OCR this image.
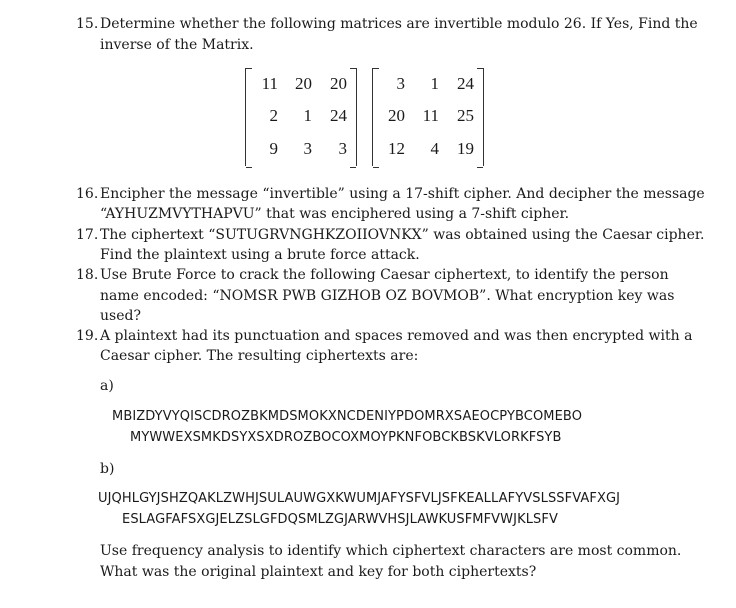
15. Determine whether the following matrices are invertible modulo 26. If Yes, Find the
inverse of the Matrix.
11	20	20
2	1	24
9	3	3
3	1	24
20	11	25
12	4	19
16. Encipher the message “invertible” using a 17-shift cipher. And decipher the message
“AYHUZMVYTHAPVU” that was enciphered using a 7-shift cipher.
17. The ciphertext “SUTUGRVNGHKZOIIOVNKX” was obtained using the Caesar cipher.
Find the plaintext using a brute force attack.
18. Use Brute Force to crack the following Caesar ciphertext, to identify the person
name encoded: “NOMSR PWB GIZHOB OZ BOVMOB”. What encryption key was
used?
19. A plaintext had its punctuation and spaces removed and was then encrypted with a
Caesar cipher. The resulting ciphertexts are:
a)
MBIZDYVYQISCDROZBKMDSMOKXNCDENIYPDOMRXSAEOCPYBCOMEBO
MYWWEXSMKDSYXSXDROZBOCOXMOYPKNFOBCKBSKVLORKFSYB
b)
UJQHLGYJSHZQAKLZWHJSULAUWGXKWUMJAFYSFVLJSFKEALLAFYVSLSSFVAFXGJ
ESLAGFAFSXGJELZSLGFDQSMLZGJARWVHSJLAWKUSFMFVWJKLSFV
Use frequency analysis to identify which ciphertext characters are most common.
What was the original plaintext and key for both ciphertexts?
